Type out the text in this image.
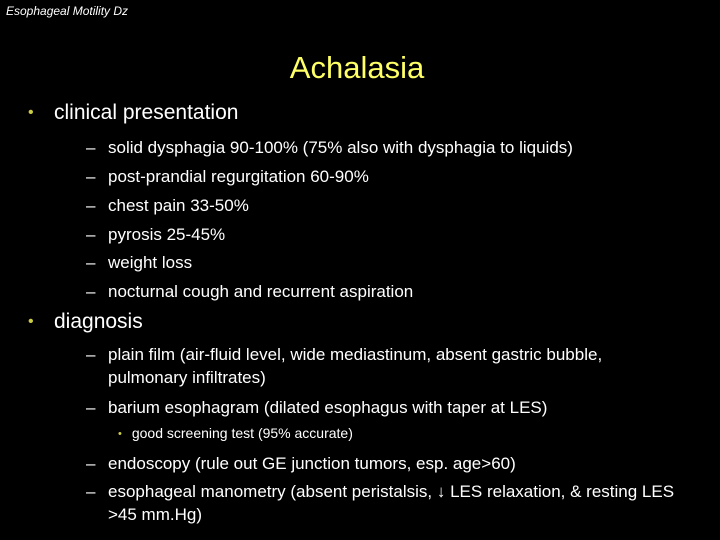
Esophageal Motility Dz
Achalasia
• clinical presentation
– solid dysphagia 90-100% (75% also with dysphagia to liquids)
– post-prandial regurgitation 60-90%
– chest pain 33-50%
– pyrosis 25-45%
– weight loss
– nocturnal cough and recurrent aspiration
• diagnosis
– plain film (air-fluid level, wide mediastinum, absent gastric bubble, pulmonary infiltrates)
– barium esophagram (dilated esophagus with taper at LES)
• good screening test (95% accurate)
– endoscopy (rule out GE junction tumors, esp. age>60)
– esophageal manometry (absent peristalsis, ↓ LES relaxation, & resting LES >45 mm.Hg)
